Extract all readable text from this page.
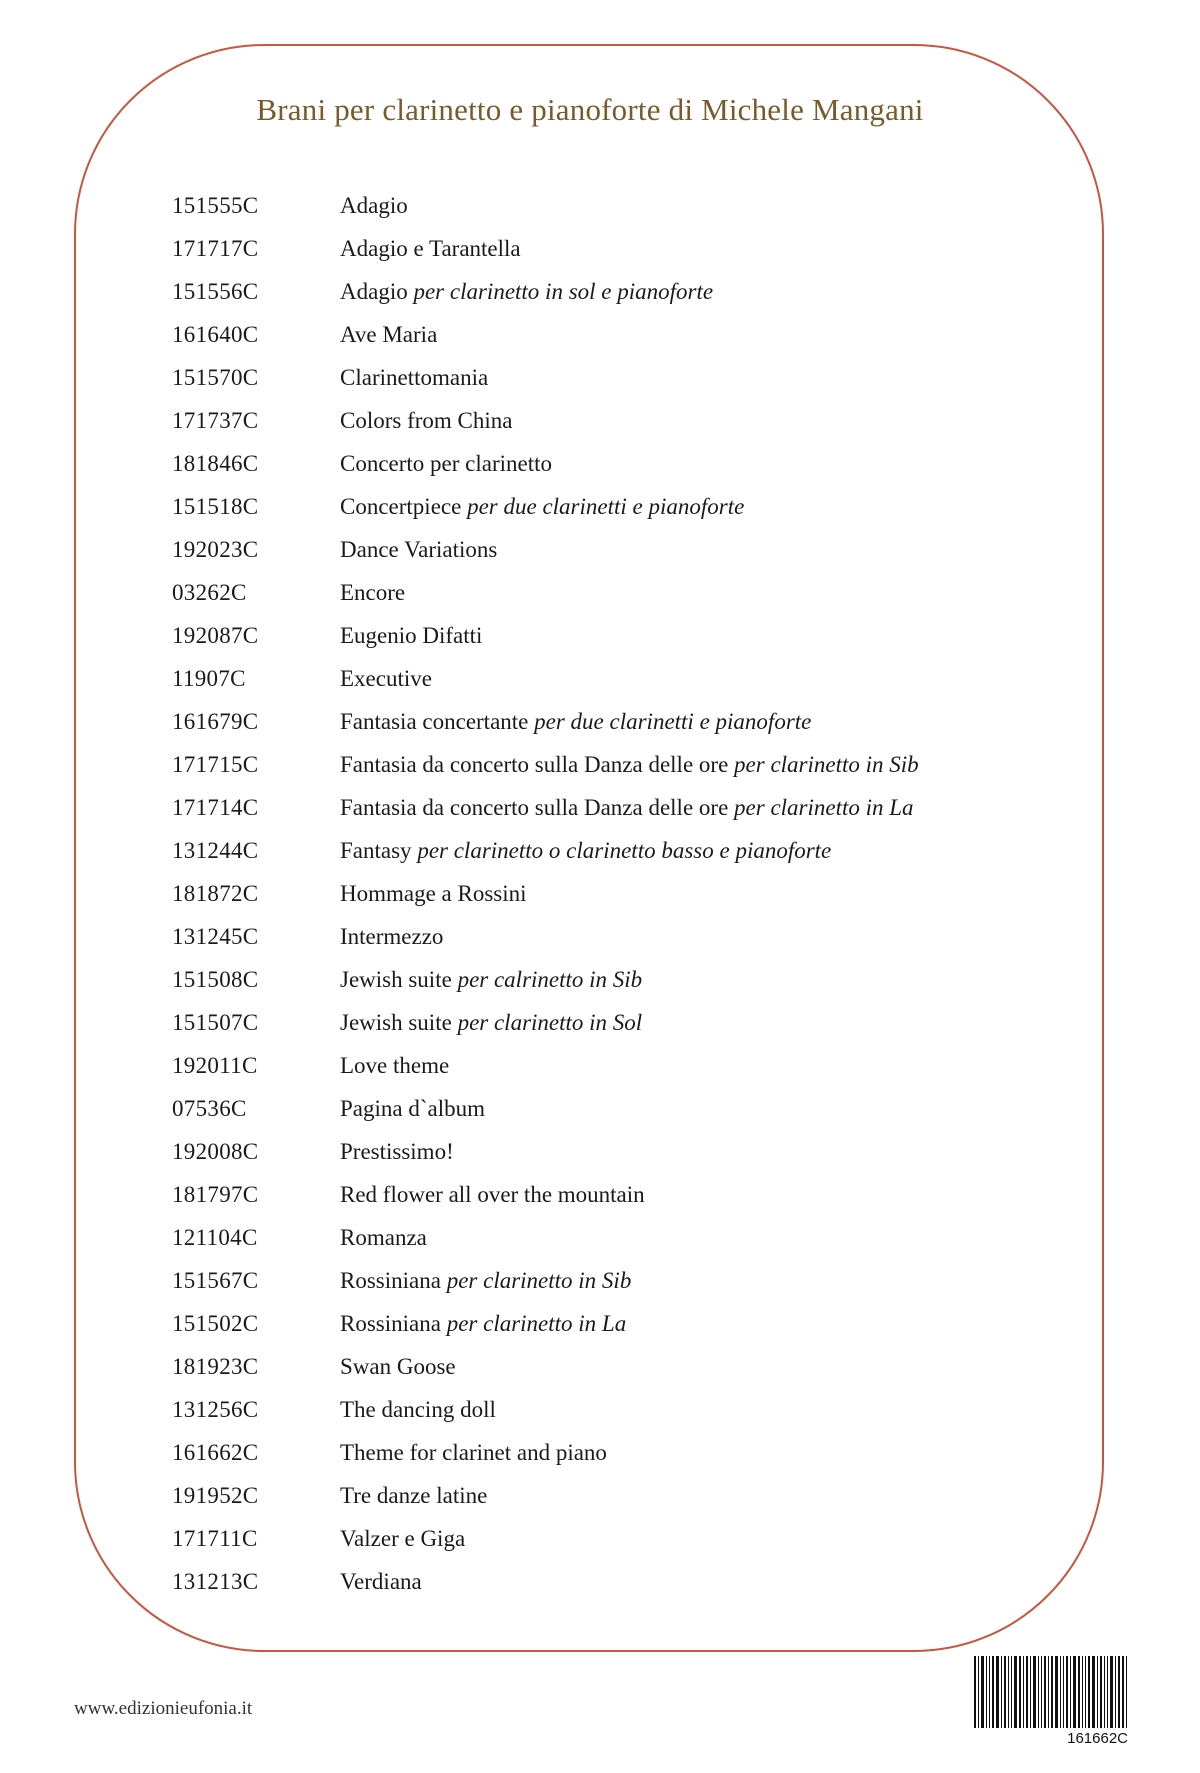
Brani per clarinetto e pianoforte di Michele Mangani
151555C	Adagio
171717C	Adagio e Tarantella
151556C	Adagio per clarinetto in sol e pianoforte
161640C	Ave Maria
151570C	Clarinettomania
171737C	Colors from China
181846C	Concerto per clarinetto
151518C	Concertpiece per due clarinetti e pianoforte
192023C	Dance Variations
03262C	Encore
192087C	Eugenio Difatti
11907C	Executive
161679C	Fantasia concertante per due clarinetti e pianoforte
171715C	Fantasia da concerto sulla Danza delle ore per clarinetto in Sib
171714C	Fantasia da concerto sulla Danza delle ore per clarinetto in La
131244C	Fantasy per clarinetto o clarinetto basso e pianoforte
181872C	Hommage a Rossini
131245C	Intermezzo
151508C	Jewish suite per calrinetto in Sib
151507C	Jewish suite per clarinetto in Sol
192011C	Love theme
07536C	Pagina d`album
192008C	Prestissimo!
181797C	Red flower all over the mountain
121104C	Romanza
151567C	Rossiniana per clarinetto in Sib
151502C	Rossiniana per clarinetto in La
181923C	Swan Goose
131256C	The dancing doll
161662C	Theme for clarinet and piano
191952C	Tre danze latine
171711C	Valzer e Giga
131213C	Verdiana
www.edizionieufonia.it
161662C
